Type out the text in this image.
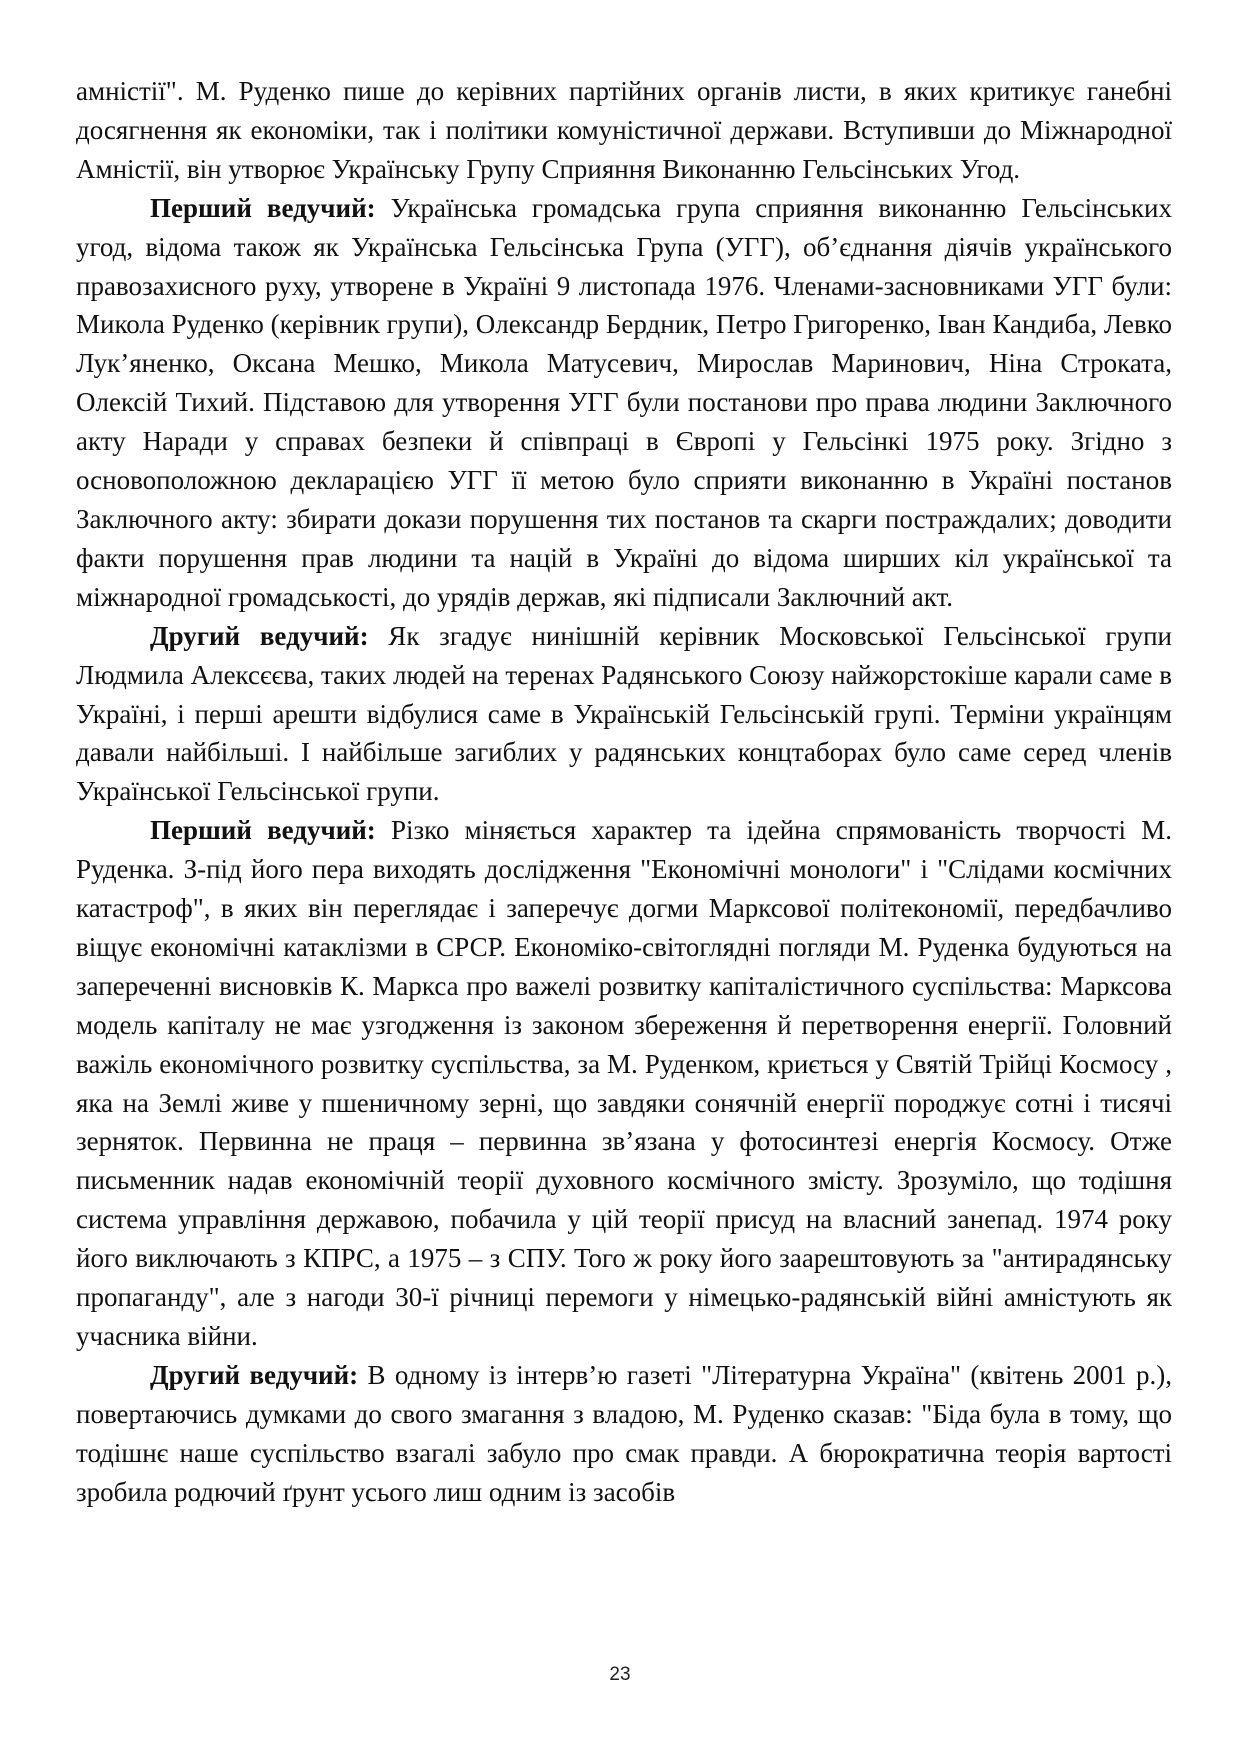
амністії". М. Руденко пише до керівних партійних органів листи, в яких критикує ганебні досягнення як економіки, так і політики комуністичної держави. Вступивши до Міжнародної Амністії, він утворює Українську Групу Сприяння Виконанню Гельсінських Угод.

Перший ведучий: Українська громадська група сприяння виконанню Гельсінських угод, відома також як Українська Гельсінська Група (УГГ), об’єднання діячів українського правозахисного руху, утворене в Україні 9 листопада 1976. Членами-засновниками УГГ були: Микола Руденко (керівник групи), Олександр Бердник, Петро Григоренко, Іван Кандиба, Левко Лук’яненко, Оксана Мешко, Микола Матусевич, Мирослав Маринович, Ніна Строката, Олексій Тихий. Підставою для утворення УГГ були постанови про права людини Заключного акту Наради у справах безпеки й співпраці в Європі у Гельсінкі 1975 року. Згідно з основоположною декларацією УГГ її метою було сприяти виконанню в Україні постанов Заключного акту: збирати докази порушення тих постанов та скарги постраждалих; доводити факти порушення прав людини та націй в Україні до відома ширших кіл української та міжнародної громадськості, до урядів держав, які підписали Заключний акт.

Другий ведучий: Як згадує нинішній керівник Московської Гельсінської групи Людмила Алексєєва, таких людей на теренах Радянського Союзу найжорстокіше карали саме в Україні, і перші арешти відбулися саме в Українській Гельсінській групі. Терміни українцям давали найбільші. І найбільше загиблих у радянських концтаборах було саме серед членів Української Гельсінської групи.

Перший ведучий: Різко міняється характер та ідейна спрямованість творчості М. Руденка. З-під його пера виходять дослідження "Економічні монологи" і "Слідами космічних катастроф", в яких він переглядає і заперечує догми Марксової політекономії, передбачливо віщує економічні катаклізми в СРСР. Економіко-світоглядні погляди М. Руденка будуються на запереченні висновків К. Маркса про важелі розвитку капіталістичного суспільства: Марксова модель капіталу не має узгодження із законом збереження й перетворення енергії. Головний важіль економічного розвитку суспільства, за М. Руденком, криється у Святій Трійці Космосу , яка на Землі живе у пшеничному зерні, що завдяки сонячній енергії породжує сотні і тисячі зерняток. Первинна не праця – первинна зв’язана у фотосинтезі енергія Космосу. Отже письменник надав економічній теорії духовного космічного змісту. Зрозуміло, що тодішня система управління державою, побачила у цій теорії присуд на власний занепад. 1974 року його виключають з КПРС, а 1975 – з СПУ. Того ж року його заарештовують за "антирадянську пропаганду", але з нагоди 30-ї річниці перемоги у німецько-радянській війні амністують як учасника війни.

Другий ведучий: В одному із інтерв’ю газеті "Літературна Україна" (квітень 2001 р.), повертаючись думками до свого змагання з владою, М. Руденко сказав: "Біда була в тому, що тодішнє наше суспільство взагалі забуло про смак правди. А бюрократична теорія вартості зробила родючий ґрунт усього лиш одним із засобів

23
